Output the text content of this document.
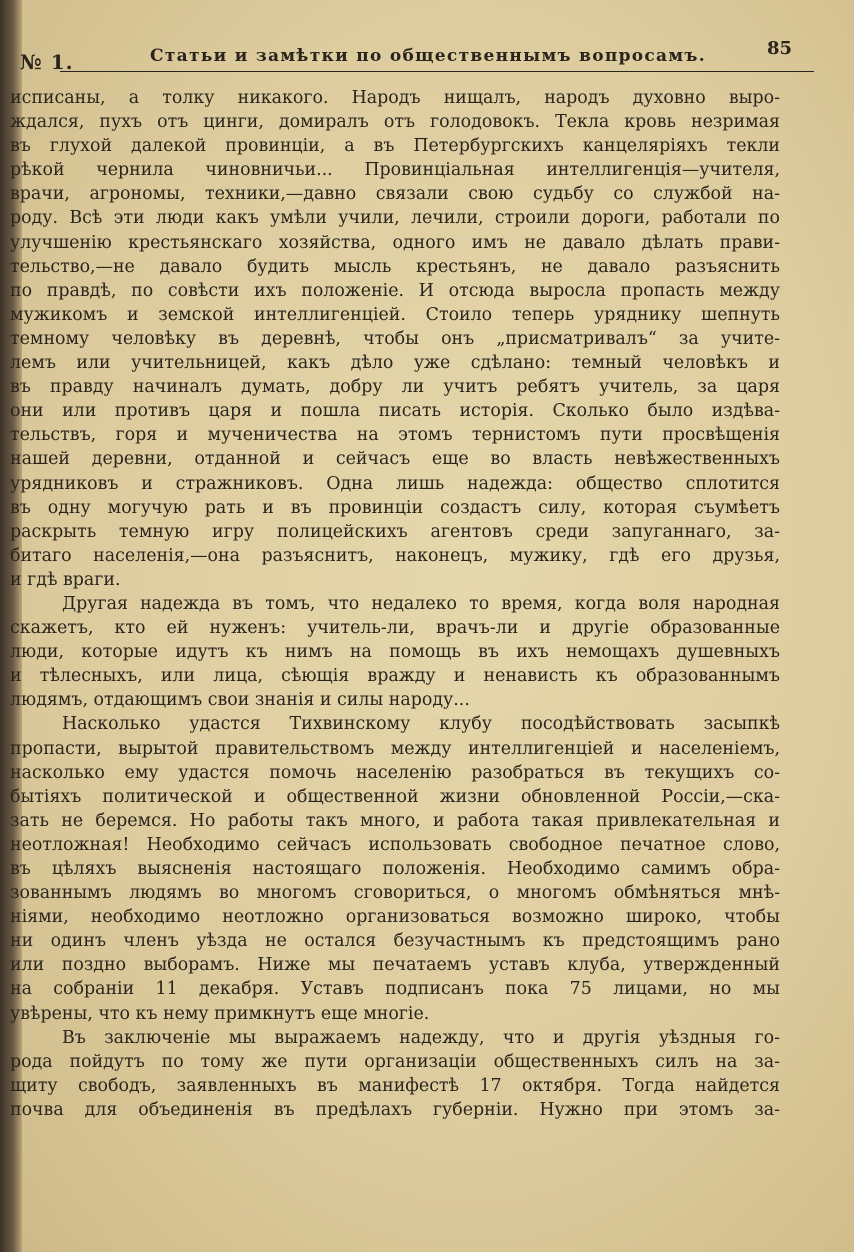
№ 1.	Статьи и замѣтки по общественнымъ вопросамъ.	85
исписаны, а толку никакого. Народъ нищалъ, народъ духовно выро-
ждался, пухъ отъ цинги, домиралъ отъ голодовокъ. Текла кровь незримая
въ глухой далекой провинціи, а въ Петербургскихъ канцеляріяхъ текли
рѣкой чернила чиновничьи... Провинціальная интеллигенція—учителя,
врачи, агрономы, техники,—давно связали свою судьбу со службой на-
роду. Всѣ эти люди какъ умѣли учили, лечили, строили дороги, работали по
улучшенію крестьянскаго хозяйства, одного имъ не давало дѣлать прави-
тельство,—не давало будить мысль крестьянъ, не давало разъяснить
по правдѣ, по совѣсти ихъ положеніе. И отсюда выросла пропасть между
мужикомъ и земской интеллигенціей. Стоило теперь уряднику шепнуть
темному человѣку въ деревнѣ, чтобы онъ „присматривалъ“ за учите-
лемъ или учительницей, какъ дѣло уже сдѣлано: темный человѣкъ и
въ правду начиналъ думать, добру ли учитъ ребятъ учитель, за царя
они или противъ царя и пошла писать исторія. Сколько было издѣва-
тельствъ, горя и мученичества на этомъ тернистомъ пути просвѣщенія
нашей деревни, отданной и сейчасъ еще во власть невѣжественныхъ
урядниковъ и стражниковъ. Одна лишь надежда: общество сплотится
въ одну могучую рать и въ провинціи создастъ силу, которая съумѣетъ
раскрыть темную игру полицейскихъ агентовъ среди запуганнаго, за-
битаго населенія,—она разъяснитъ, наконецъ, мужику, гдѣ его друзья,
и гдѣ враги.
Другая надежда въ томъ, что недалеко то время, когда воля народная
скажетъ, кто ей нуженъ: учитель-ли, врачъ-ли и другіе образованные
люди, которые идутъ къ нимъ на помощь въ ихъ немощахъ душевныхъ
и тѣлесныхъ, или лица, сѣющія вражду и ненависть къ образованнымъ
людямъ, отдающимъ свои знанія и силы народу...
Насколько удастся Тихвинскому клубу посодѣйствовать засыпкѣ
пропасти, вырытой правительствомъ между интеллигенціей и населеніемъ,
насколько ему удастся помочь населенію разобраться въ текущихъ со-
бытіяхъ политической и общественной жизни обновленной Россіи,—ска-
зать не беремся. Но работы такъ много, и работа такая привлекательная и
неотложная! Необходимо сейчасъ использовать свободное печатное слово,
въ цѣляхъ выясненія настоящаго положенія. Необходимо самимъ обра-
зованнымъ людямъ во многомъ сговориться, о многомъ обмѣняться мнѣ-
ніями, необходимо неотложно организоваться возможно широко, чтобы
ни одинъ членъ уѣзда не остался безучастнымъ къ предстоящимъ рано
или поздно выборамъ. Ниже мы печатаемъ уставъ клуба, утвержденный
на собраніи 11 декабря. Уставъ подписанъ пока 75 лицами, но мы
увѣрены, что къ нему примкнутъ еще многіе.
Въ заключеніе мы выражаемъ надежду, что и другія уѣздныя го-
рода пойдутъ по тому же пути организаціи общественныхъ силъ на за-
щиту свободъ, заявленныхъ въ манифестѣ 17 октября. Тогда найдется
почва для объединенія въ предѣлахъ губерніи. Нужно при этомъ за-
